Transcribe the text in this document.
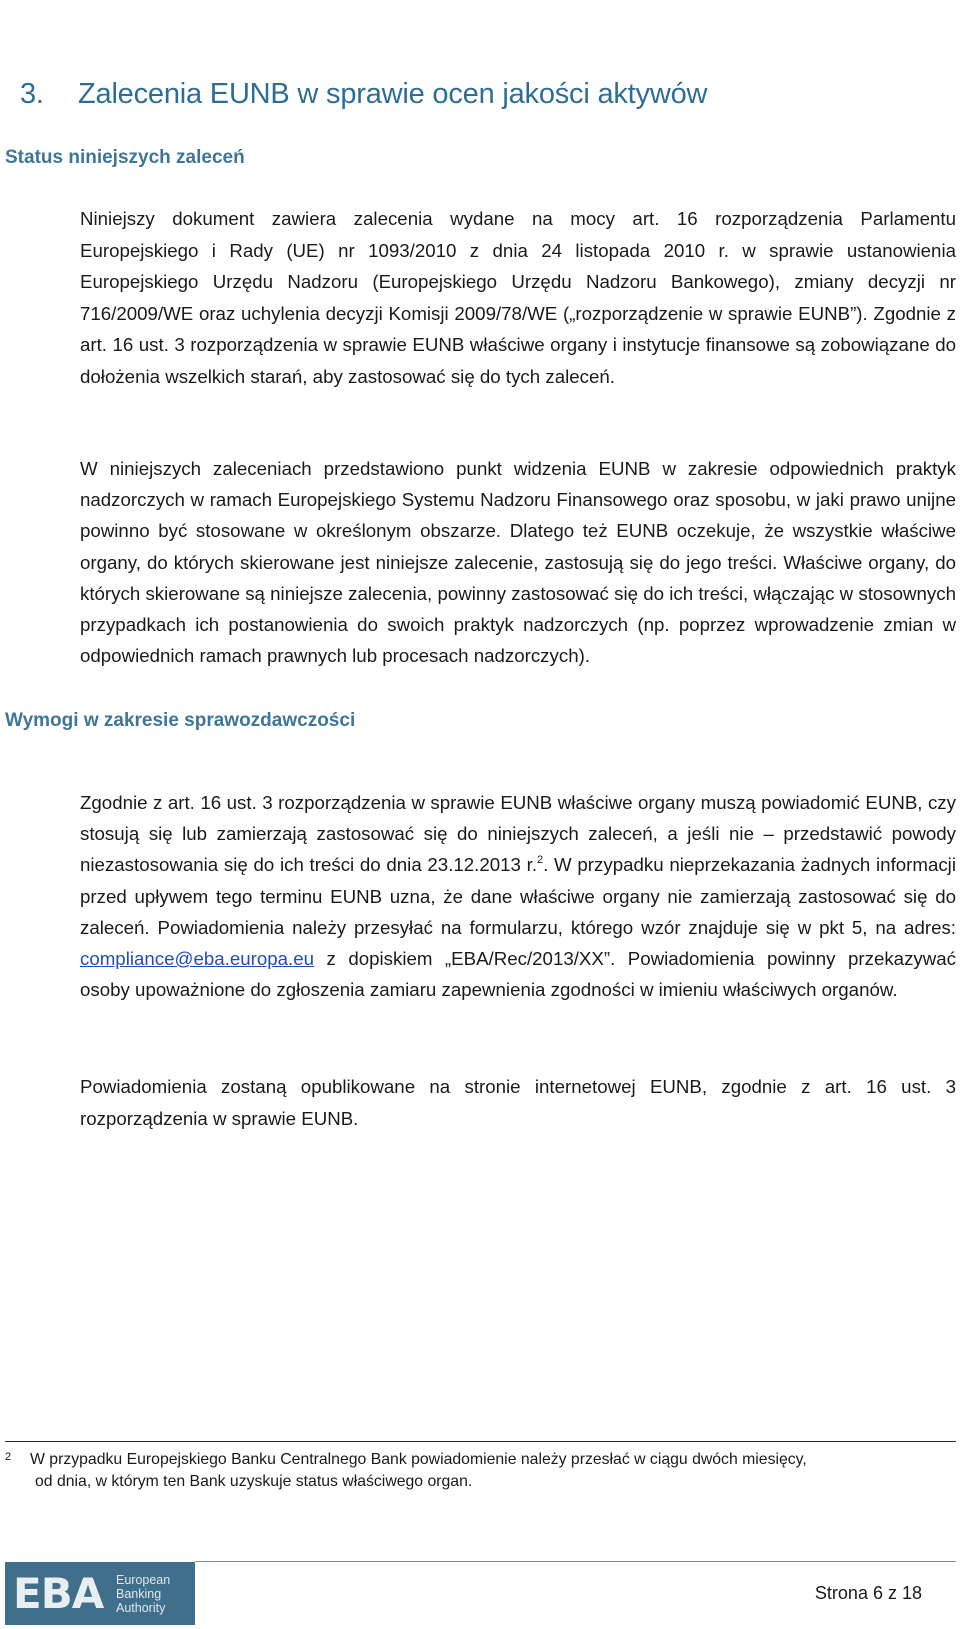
3. Zalecenia EUNB w sprawie ocen jakości aktywów
Status niniejszych zaleceń

Niniejszy dokument zawiera zalecenia wydane na mocy art. 16 rozporządzenia Parlamentu Europejskiego i Rady (UE) nr 1093/2010 z dnia 24 listopada 2010 r. w sprawie ustanowienia Europejskiego Urzędu Nadzoru (Europejskiego Urzędu Nadzoru Bankowego), zmiany decyzji nr 716/2009/WE oraz uchylenia decyzji Komisji 2009/78/WE („rozporządzenie w sprawie EUNB”). Zgodnie z art. 16 ust. 3 rozporządzenia w sprawie EUNB właściwe organy i instytucje finansowe są zobowiązane do dołożenia wszelkich starań, aby zastosować się do tych zaleceń.

W niniejszych zaleceniach przedstawiono punkt widzenia EUNB w zakresie odpowiednich praktyk nadzorczych w ramach Europejskiego Systemu Nadzoru Finansowego oraz sposobu, w jaki prawo unijne powinno być stosowane w określonym obszarze. Dlatego też EUNB oczekuje, że wszystkie właściwe organy, do których skierowane jest niniejsze zalecenie, zastosują się do jego treści. Właściwe organy, do których skierowane są niniejsze zalecenia, powinny zastosować się do ich treści, włączając w stosownych przypadkach ich postanowienia do swoich praktyk nadzorczych (np. poprzez wprowadzenie zmian w odpowiednich ramach prawnych lub procesach nadzorczych).

Wymogi w zakresie sprawozdawczości

Zgodnie z art. 16 ust. 3 rozporządzenia w sprawie EUNB właściwe organy muszą powiadomić EUNB, czy stosują się lub zamierzają zastosować się do niniejszych zaleceń, a jeśli nie – przedstawić powody niezastosowania się do ich treści do dnia 23.12.2013 r.$^2$. W przypadku nieprzekazania żadnych informacji przed upływem tego terminu EUNB uzna, że dane właściwe organy nie zamierzają zastosować się do zaleceń. Powiadomienia należy przesyłać na formularzu, którego wzór znajduje się w pkt 5, na adres: compliance@eba.europa.eu z dopiskiem „EBA/Rec/2013/XX”. Powiadomienia powinny przekazywać osoby upoważnione do zgłoszenia zamiaru zapewnienia zgodności w imieniu właściwych organów.

Powiadomienia zostaną opublikowane na stronie internetowej EUNB, zgodnie z art. 16 ust. 3 rozporządzenia w sprawie EUNB.

2	W przypadku Europejskiego Banku Centralnego Bank powiadomienie należy przesłać w ciągu dwóch miesięcy,
od dnia, w którym ten Bank uzyskuje status właściwego organ.
EBA	European
Banking
Authority
Strona 6 z 18
